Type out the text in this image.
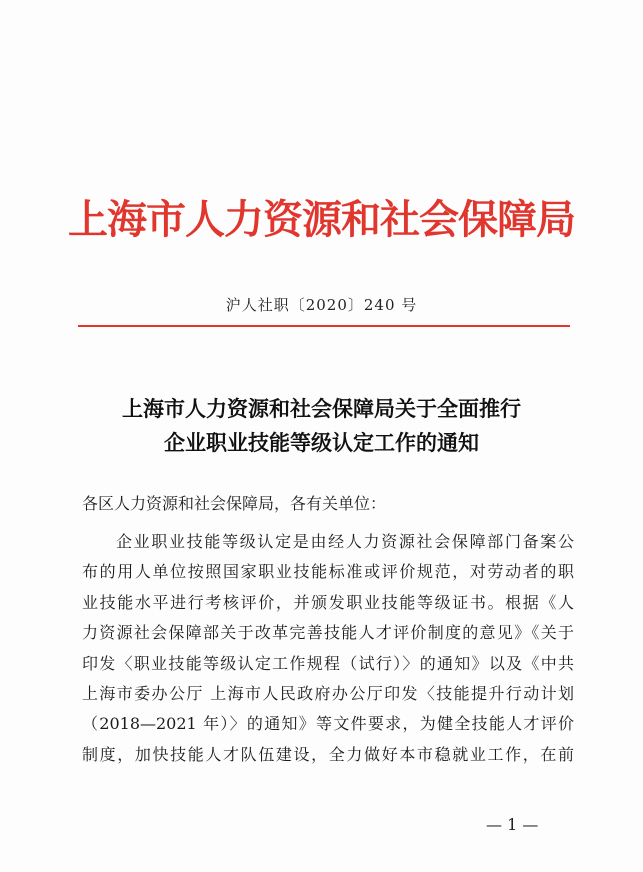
上海市人力资源和社会保障局
沪人社职〔2020〕240 号
上海市人力资源和社会保障局关于全面推行
企业职业技能等级认定工作的通知
各区人力资源和社会保障局，各有关单位：
企业职业技能等级认定是由经人力资源社会保障部门备案公
布的用人单位按照国家职业技能标准或评价规范，对劳动者的职
业技能水平进行考核评价，并颁发职业技能等级证书。根据《人
力资源社会保障部关于改革完善技能人才评价制度的意见》《关于
印发〈职业技能等级认定工作规程（试行）〉的通知》以及《中共
上海市委办公厅 上海市人民政府办公厅印发〈技能提升行动计划
（2018—2021 年）〉的通知》等文件要求，为健全技能人才评价
制度，加快技能人才队伍建设，全力做好本市稳就业工作，在前
— 1 —
